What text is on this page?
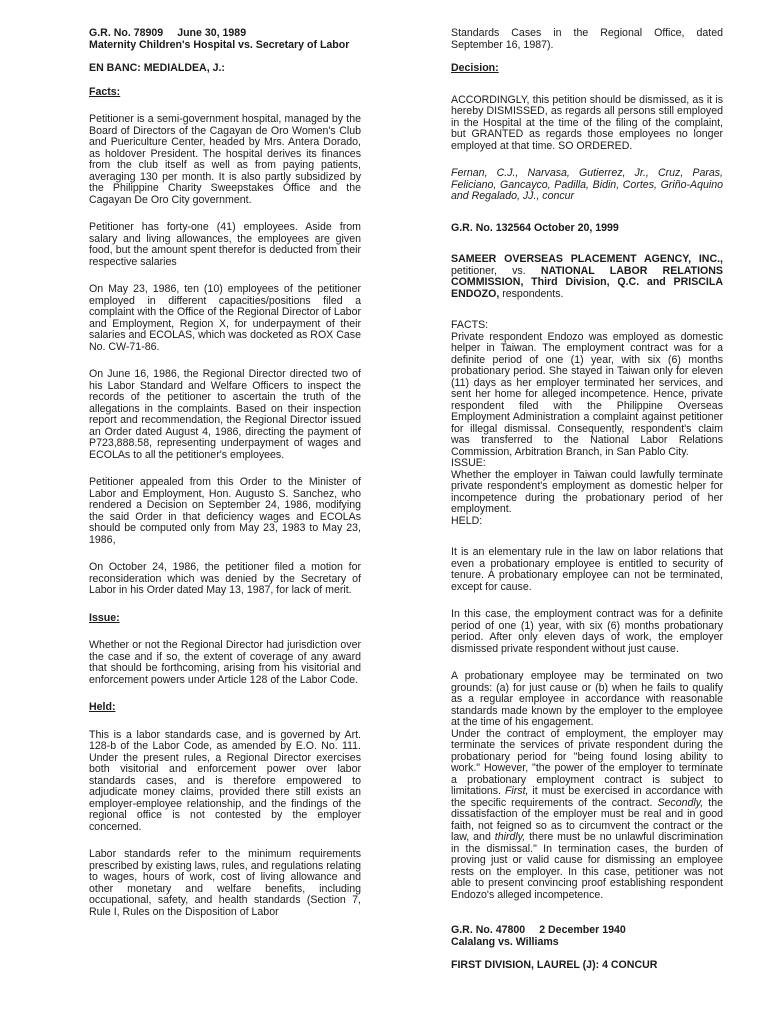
G.R. No. 78909 June 30, 1989
Maternity Children's Hospital vs. Secretary of Labor

EN BANC: MEDIALDEA, J.:

Facts:

Petitioner is a semi-government hospital, managed by the Board of Directors of the Cagayan de Oro Women's Club and Puericulture Center, headed by Mrs. Antera Dorado, as holdover President. The hospital derives its finances from the club itself as well as from paying patients, averaging 130 per month. It is also partly subsidized by the Philippine Charity Sweepstakes Office and the Cagayan De Oro City government.

Petitioner has forty-one (41) employees. Aside from salary and living allowances, the employees are given food, but the amount spent therefor is deducted from their respective salaries

On May 23, 1986, ten (10) employees of the petitioner employed in different capacities/positions filed a complaint with the Office of the Regional Director of Labor and Employment, Region X, for underpayment of their salaries and ECOLAS, which was docketed as ROX Case No. CW-71-86.

On June 16, 1986, the Regional Director directed two of his Labor Standard and Welfare Officers to inspect the records of the petitioner to ascertain the truth of the allegations in the complaints. Based on their inspection report and recommendation, the Regional Director issued an Order dated August 4, 1986, directing the payment of P723,888.58, representing underpayment of wages and ECOLAs to all the petitioner's employees.

Petitioner appealed from this Order to the Minister of Labor and Employment, Hon. Augusto S. Sanchez, who rendered a Decision on September 24, 1986, modifying the said Order in that deficiency wages and ECOLAs should be computed only from May 23, 1983 to May 23, 1986,

On October 24, 1986, the petitioner filed a motion for reconsideration which was denied by the Secretary of Labor in his Order dated May 13, 1987, for lack of merit.

Issue:

Whether or not the Regional Director had jurisdiction over the case and if so, the extent of coverage of any award that should be forthcoming, arising from his visitorial and enforcement powers under Article 128 of the Labor Code.

Held:

This is a labor standards case, and is governed by Art. 128-b of the Labor Code, as amended by E.O. No. 111. Under the present rules, a Regional Director exercises both visitorial and enforcement power over labor standards cases, and is therefore empowered to adjudicate money claims, provided there still exists an employer-employee relationship, and the findings of the regional office is not contested by the employer concerned.

Labor standards refer to the minimum requirements prescribed by existing laws, rules, and regulations relating to wages, hours of work, cost of living allowance and other monetary and welfare benefits, including occupational, safety, and health standards (Section 7, Rule I, Rules on the Disposition of Labor

Standards Cases in the Regional Office, dated September 16, 1987).

Decision:

ACCORDINGLY, this petition should be dismissed, as it is hereby DISMISSED, as regards all persons still employed in the Hospital at the time of the filing of the complaint, but GRANTED as regards those employees no longer employed at that time. SO ORDERED.

Fernan, C.J., Narvasa, Gutierrez, Jr., Cruz, Paras, Feliciano, Gancayco, Padilla, Bidin, Cortes, Griño-Aquino and Regalado, JJ., concur

G.R. No. 132564 October 20, 1999

SAMEER OVERSEAS PLACEMENT AGENCY, INC., petitioner, vs. NATIONAL LABOR RELATIONS COMMISSION, Third Division, Q.C. and PRISCILA ENDOZO, respondents.

FACTS:

Private respondent Endozo was employed as domestic helper in Taiwan. The employment contract was for a definite period of one (1) year, with six (6) months probationary period. She stayed in Taiwan only for eleven (11) days as her employer terminated her services, and sent her home for alleged incompetence. Hence, private respondent filed with the Philippine Overseas Employment Administration a complaint against petitioner for illegal dismissal. Consequently, respondent's claim was transferred to the National Labor Relations Commission, Arbitration Branch, in San Pablo City.

ISSUE:

Whether the employer in Taiwan could lawfully terminate private respondent's employment as domestic helper for incompetence during the probationary period of her employment.

HELD:

It is an elementary rule in the law on labor relations that even a probationary employee is entitled to security of tenure. A probationary employee can not be terminated, except for cause.

In this case, the employment contract was for a definite period of one (1) year, with six (6) months probationary period. After only eleven days of work, the employer dismissed private respondent without just cause.

A probationary employee may be terminated on two grounds: (a) for just cause or (b) when he fails to qualify as a regular employee in accordance with reasonable standards made known by the employer to the employee at the time of his engagement.

Under the contract of employment, the employer may terminate the services of private respondent during the probationary period for "being found losing ability to work." However, "the power of the employer to terminate a probationary employment contract is subject to limitations. First, it must be exercised in accordance with the specific requirements of the contract. Secondly, the dissatisfaction of the employer must be real and in good faith, not feigned so as to circumvent the contract or the law, and thirdly, there must be no unlawful discrimination in the dismissal." In termination cases, the burden of proving just or valid cause for dismissing an employee rests on the employer. In this case, petitioner was not able to present convincing proof establishing respondent Endozo's alleged incompetence.

G.R. No. 47800 2 December 1940
Calalang vs. Williams

FIRST DIVISION, LAUREL (J): 4 CONCUR
